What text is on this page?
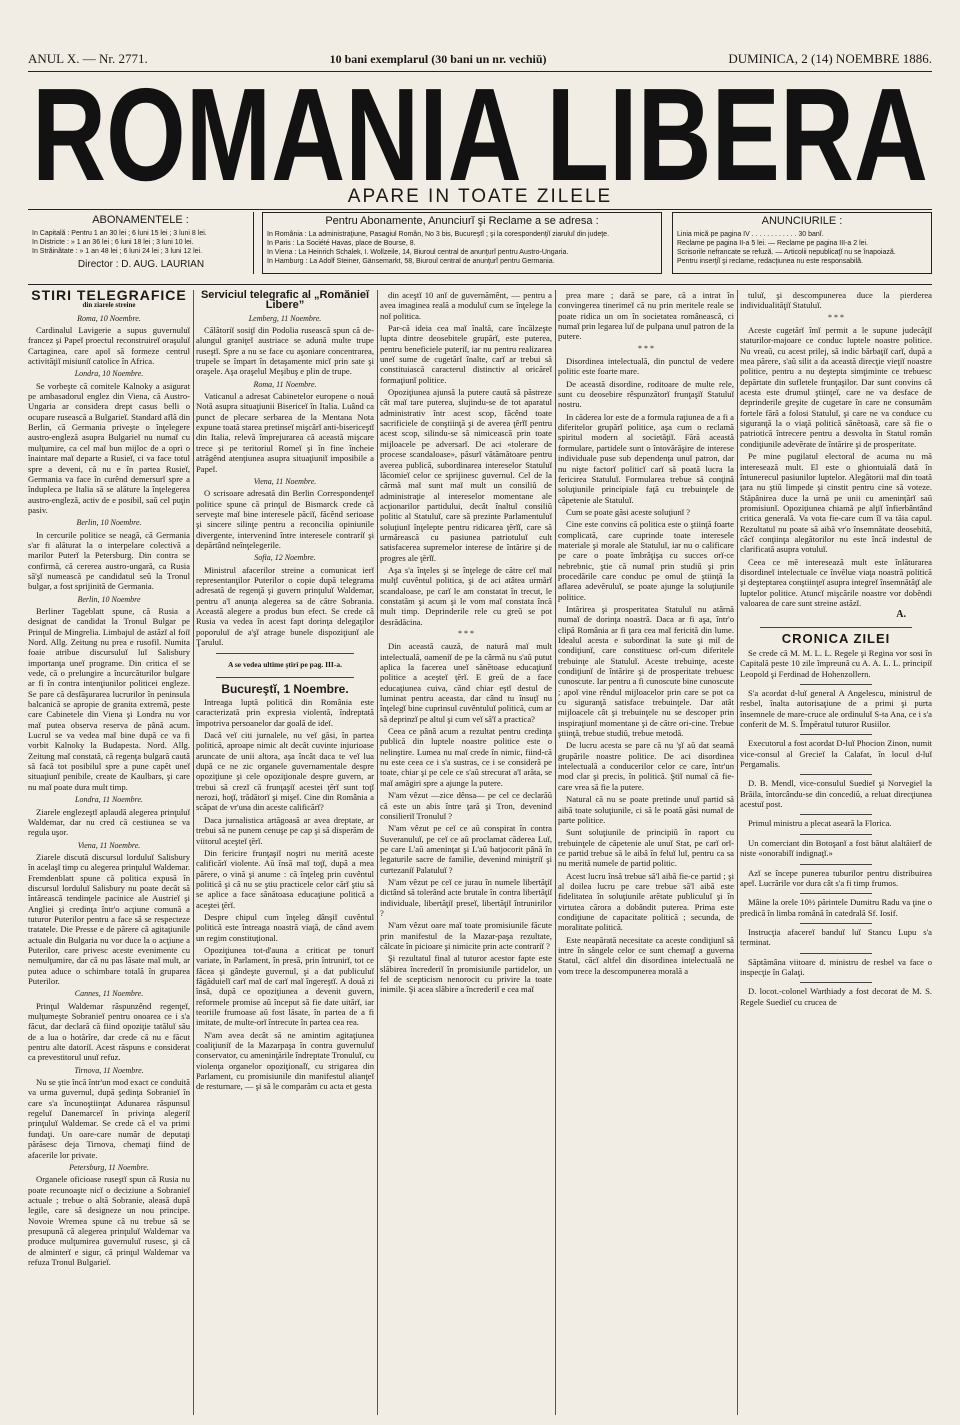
ANUL X. — Nr. 2771.	10 bani exemplarul (30 bani un nr. vechiŭ)	DUMINICA, 2 (14) NOEMBRE 1886.
ROMANIA LIBERA
APARE IN TOATE ZILELE
ABONAMENTELE :
In Capitală : Pentru 1 an 30 lei ; 6 luni 15 lei ; 3 luni 8 lei.
In Districte : » 1 an 36 lei ; 6 luni 18 lei ; 3 luni 10 lei.
In Străinătate : » 1 an 48 lei ; 6 luni 24 lei ; 3 luni 12 lei.
Director : D. AUG. LAURIAN
Pentru Abonamente, Anunciurĭ şi Reclame a se adresa :
In România : La administraţiune, Pasagiul Român, No 3 bis, Bucureştĭ ; şi la corespondenţiĭ ziaruluĭ din judeţe.
In Paris : La Société Havas, place de Bourse, 8.
In Viena : La Heinrich Schalek, I. Wollzeile, 14, Biuroul central de anunţurĭ pentru Austro-Ungaria.
In Hamburg : La Adolf Steiner, Gänsemarkt, 58, Biuroul central de anunţurĭ pentru Germania.
ANUNCIURILE :
Linia mică pe pagina IV . . . . . . . . . . . . 30 banĭ.
Reclame pe pagina II-a 5 lei. — Reclame pe pagina III-a 2 lei.
Scrisorile nefrancate se refuză. — Articolii nepublicaţĭ nu se înapoiază.
Pentru inserţiĭ şi reclame, redacţiunea nu este responsabilă.
STIRI TELEGRAFICE
din ziarele streine
Roma, 10 Noembre.

Cardinalul Lavigerie a supus guvernuluĭ francez şi Papeĭ proectul reconstruireĭ oraşuluĭ Cartaginea, care apoĭ să formeze centrul activităţiĭ misiuniĭ catolice în Africa.

Londra, 10 Noembre.

Se vorbeşte că comitele Kalnoky a asigurat pe ambasadorul englez din Viena, că Austro-Ungaria ar considera drept casus belli o ocupare rusească a Bulgarieĭ. Standard află din Berlin, că Germania priveşte o înţelegere austro-engleză asupra Bulgarieĭ nu numaĭ cu mulţumire, ca cel maĭ bun mijloc de a opri o înaintare maĭ departe a Rusieĭ, ci va face totul spre a deveni, că nu e în partea Rusieĭ, Germania va face în curênd demersurĭ spre a îndupleca pe Italia să se alăture la înţelegerea austro-engleză, activ de e posibil, saŭ cel puţin pasiv.

Berlin, 10 Noembre.

In cercurile politice se neagă, că Germania s'ar fi alăturat la o interpelare colectivă a marilor Puterĭ la Petersburg. Din contra se confirmă, că cererea austro-ungară, ca Rusia să'şĭ numească pe candidatul seŭ la Tronul bulgar, a fost sprijinită de Germania.

Berlin, 10 Noembre

Berliner Tageblatt spune, că Rusia a designat de candidat la Tronul Bulgar pe Prinţul de Mingrelia. Limbajul de astăzĭ al foiĭ Nord. Allg. Zeitung nu prea e rusofil. Numita foaie atribue discursuluĭ luĭ Salisbury importanţa uneĭ programe. Din critica eĭ se vede, că o prelungire a încurcăturilor bulgare ar fi în contra intenţiunilor politicei engleze. Se pare că desfăşurarea lucrurilor în peninsula balcanică se apropie de granita extremă, peste care Cabinetele din Viena şi Londra nu vor maĭ putea observa reserva de până acum. Lucrul se va vedea maĭ bine după ce va fi vorbit Kalnoky la Budapesta. Nord. Allg. Zeitung maĭ constată, că regenţa bulgară caută să facă tot posibilul spre a pune capĕt uneĭ situaţiunĭ penibile, create de Kaulbars, şi care nu maĭ poate dura mult timp.

Londra, 11 Noembre.

Ziarele englezeştĭ aplaudă alegerea prinţuluĭ Waldemar, dar nu cred că cestiunea se va regula uşor.

Viena, 11 Noembre.

Ziarele discută discursul lorduluĭ Salisbury în acelaşĭ timp cu alegerea prinţuluĭ Waldemar. Fremdenblatt spune că politica expusă în discursul lorduluĭ Salisbury nu poate decât să întărească tendinţele pacinice ale Austrieĭ şi Angliei şi credinţa într'o acţiune comună a tuturor Puterilor pentru a face să se respecteze tratatele. Die Presse e de părere că agitaţiunile actuale din Bulgaria nu vor duce la o acţiune a Puterilor, care privesc aceste evenimente cu nemulţumire, dar că nu pas lăsate maĭ mult, ar putea aduce o schimbare totală în gruparea Puterilor.

Cannes, 11 Noembre.

Prinţul Waldemar răspunzênd regenţeĭ, mulţumeşte Sobranieĭ pentru onoarea ce i s'a făcut, dar declară că fiind opoziţie tatăluĭ său de a lua o hotărîre, dar crede că nu e făcut pentru alte datoriĭ. Acest răspuns e considerat ca prevestitorul unuĭ refuz.

Tirnova, 11 Noembre.

Nu se ştie încă într'un mod exact ce conduită va urma guvernul, după şedinţa Sobranieĭ în care s'a încunoştiinţat Adunarea răspunsul regeluĭ Danemarceĭ în privinţa alegeriĭ prinţuluĭ Waldemar. Se crede că el va primi fundaţi. Un oare-care număr de deputaţi părăsesc deja Tirnova, chemaţi fiind de afacerile lor private.

Petersburg, 11 Noembre.

Organele oficioase ruseştĭ spun că Rusia nu poate recunoaşte nicĭ o deciziune a Sobranieĭ actuale ; trebue o altă Sobranie, aleasă după legile, care să designeze un nou principe. Novoie Wremea spune că nu trebue să se presupună că alegerea prinţuluĭ Waldemar va produce mulţumirea guvernuluĭ rusesc, şi că de alminterĭ e sigur, că prinţul Waldemar va refuza Tronul Bulgarieĭ.

Serviciul telegrafic al „Romănieĭ Libere”
Lemberg, 11 Noembre.

Călătoriĭ sosiţĭ din Podolia rusească spun că de-alungul graniţeĭ austriace se adună multe trupe ruseştĭ. Spre a nu se face cu aşoniare concentrarea, trupele se împart în detaşamente micĭ prin sate şi oraşele. Aşa oraşelul Meşibuş e plin de trupe.

Roma, 11 Noembre.

Vaticanul a adresat Cabinetelor europene o nouă Notă asupra situaţiunii Bisericeĭ în Italia. Luând ca punct de plecare serbarea de la Mentana Nota expune toată starea pretinseĭ mişcărĭ anti-bisericeştĭ din Italia, relevă împrejurarea că această mişcare trece şi pe teritoriul Romeĭ şi în fine încheie atrăgênd atenţiunea asupra situaţiuniĭ imposibile a Papeĭ.

Viena, 11 Noembre.

O scrisoare adresată din Berlin Correspondenţeĭ politice spune că prinţul de Bismarck crede că serveşte maĭ bine interesele păciĭ, făcênd serioase şi sincere silinţe pentru a reconcilia opiniunile divergente, intervenind între interesele contrariĭ şi depărtând neînţelegerile.

Sofia, 12 Noembre.

Ministrul afacerilor streine a comunicat ierĭ representanţilor Puterilor o copie după telegrama adresată de regenţă şi guvern prinţuluĭ Waldemar, pentru a'ĭ anunţa alegerea sa de către Sobrania. Această alegere a produs bun efect. Se crede că Rusia va vedea în acest fapt dorinţa delegaţilor poporuluĭ de a'şĭ atrage bunele dispoziţiunĭ ale Ţaruluĭ.

A se vedea ultime ştirĭ pe pag. III-a.
Bucureştĭ, 1 Noembre.

Intreaga luptă politică din România este caracterizată prin expresia violentă, îndreptată împotriva persoanelor dar goală de ideĭ.

Dacă veĭ citi jurnalele, nu veĭ găsi, în partea politică, aproape nimic alt decât cuvinte injurioase aruncate de unii altora, aşa încât daca te veĭ lua după ce ne zic organele guvernamentale despre opoziţiune şi cele opoziţionale despre guvern, ar trebui să crezĭ că frunţaşiĭ acestei ţĕrĭ sunt toţĭ nerozi, hoţĭ, trădătorĭ şi mişeĭ. Cine din România a scăpat de vr'una din aceste calificărĭ?

Daca jurnalistica artăgoasă ar avea dreptate, ar trebui să ne punem cenuşe pe cap şi să disperăm de viitorul aceşteĭ ţĕrĭ.

Din fericire frunţaşiĭ noştri nu merită aceste calificărĭ violente. Aŭ însă maĭ toţĭ, după a mea părere, o vină şi anume : că înţeleg prin cuvêntul politică şi că nu se ştiu practicele celor cărĭ ştiu să se aplice a face sănătoasa educaţiune politică a aceştei ţĕrĭ.

Despre chipul cum înţeleg dânşiĭ cuvêntul politică este întreaga noastră viaţă, de când avem un regim constituţional.

Opoziţiunea tot-d'auna a criticat pe tonurĭ variate, în Parlament, în presă, prin întrunirĭ, tot ce făcea şi gândeşte guvernul, şi a dat publiculuĭ făgăduielĭ carĭ maĭ de carĭ maĭ îngereştĭ. A două zi însă, după ce opoziţiunea a devenit guvern, reformele promise aŭ început să fie date uitărĭ, iar teoriile frumoase aŭ fost lăsate, în partea de a fi imitate, de multe-orĭ întrecute în partea cea rea.

N'am avea decât să ne amintim agitaţiunea coaliţiuniĭ de la Mazarpaşa în contra guvernuluĭ conservator, cu ameninţările îndreptate Tronuluĭ, cu violenţa organelor opoziţionalĭ, cu strigarea din Parlament, cu promisiunile din manifestul alianţeĭ de resturnare, — şi să le comparăm cu acta et gesta

din aceştĭ 10 anĭ de guvernămênt, — pentru a avea imaginea reală a moduluĭ cum se înţelege la noĭ politica.

Par-că ideia cea maĭ înaltă, care încălzeşte lupta dintre deosebitele grupărĭ, este puterea, pentru beneficiele puteriĭ, iar nu pentru realizarea uneĭ sume de cugetărĭ înalte, carĭ ar trebui să constituiască caracterul distinctiv al oricăreĭ formaţiunĭ politice.

Opoziţiunea ajunsă la putere caută să păstreze cât maĭ tare puterea, slujindu-se de tot aparatul administrativ într acest scop, făcênd toate sacrificiele de conştiinţă şi de averea ţĕrĭĭ pentru acest scop, silindu-se să nimicească prin toate mijloacele pe adversarĭ. De aci «tolerare de procese scandaloase», păsurĭ vătămătoare pentru averea publică, subordinarea intereselor Statuluĭ lăcomieĭ celor ce sprijinesc guvernul. Cel de la cârmă maĭ sunt maĭ mult un consiliŭ de administraţie al intereselor momentane ale acţionarilor partidului, decât înaltul consiliŭ politic al Statuluĭ, care să prezinte Parlamentuluĭ soluţiunĭ înţelepte pentru ridicarea ţĕrĭĭ, care să urmărească cu pasiunea patriotuluĭ cult satisfacerea supremelor interese de întărire şi de progres ale ţĕrĭĭ.

Aşa s'a înţeles şi se înţelege de către ceĭ maĭ mulţĭ cuvêntul politica, şi de aci atâtea urmărĭ scandaloase, pe carĭ le am constatat în trecut, le constatăm şi acum şi le vom maĭ constata încă mult timp. Deprinderile rele cu greŭ se pot desrădăcina.

* * *

Din această cauză, de natură maĭ mult intelectuală, oameniĭ de pe la cârmă nu s'aŭ putut aplica la facerea uneĭ sănĕtoase educaţiunĭ politice a aceşteĭ ţĕrĭ. E greŭ de a face educaţiunea cuiva, cănd chiar eştĭ destul de luminat pentru aceasta, dar când tu însuţĭ nu înţelegĭ bine cuprinsul cuvêntuluĭ politică, cum ar să deprinzĭ pe altul şi cum veĭ să'ĭ a practica?

Ceea ce pânâ acum a rezultat pentru credinţa publică din luptele noastre politice este o nelinştire. Lumea nu maĭ crede în nimic, fiind-că nu este ceea ce i s'a sustras, ce i se consideră pe toate, chiar şi pe cele ce s'aŭ strecurat a'ĭ arăta, se maĭ amăgiri spre a ajunge la putere.

N'am vêzut —zice dênsa— pe cel ce declarăŭ că este un abis între ţară şi Tron, devenind consilieriĭ Tronuluĭ ?

N'am vêzut pe ceĭ ce aŭ conspirat în contra Suveranuluĭ, pe ceĭ ce aŭ proclamat căderea Luĭ, pe care L'aŭ ameninţat şi L'aŭ batjocorit până în legaturile sacre de familie, devenind miniştriĭ şi curtezaniĭ Palatuluĭ ?

N'am vêzut pe ceĭ ce jurau în numele libertăţiĭ dictând să tolerând acte brutale în contra libertăţiĭ individuale, libertăţiĭ preseĭ, libertăţiĭ întrunirilor ?

N'am vêzut oare maĭ toate promisiunile făcute prin manifestul de la Mazar-paşa rezultate, călcate în picioare şi nimicite prin acte contrariĭ ?

Şi rezultatul final al tuturor acestor fapte este slăbirea încrederiĭ în promisiunile partidelor, un fel de scepticism nenorocit cu privire la toate inimile. Şi acea slăbire a încrederiĭ e cea maĭ

prea mare ; dară se pare, că a intrat în convingerea tinerimeĭ că nu prin meritele reale se poate ridica un om în societatea românească, ci numaĭ prin legarea luĭ de pulpana unuĭ patron de la putere.

* * *

Disordinea intelectuală, din punctul de vedere politic este foarte mare.

De această disordine, roditoare de multe rele, sunt cu deosebire rêspunzătorĭ frunţaşiĭ Statuluĭ nostru.

In căderea lor este de a formula raţiunea de a fi a diferitelor grupărĭ politice, aşa cum o reclamă spiritul modern al societăţiĭ. Fără această formulare, partidele sunt o întovărăşire de interese individuale puse sub dependenţa unuĭ patron, dar nu nişte factorĭ politicĭ carĭ să poată lucra la fericirea Statuluĭ. Formularea trebue să conţină soluţiunile principiale faţă cu trebuinţele de căpetenie ale Statuluĭ.

Cum se poate găsi aceste soluţiunĭ ?

Cine este convins că politica este o ştiinţă foarte complicată, care cuprinde toate interesele materiale şi morale ale Statuluĭ, iar nu o calificare pe care o poate îmbrăţişa cu succes orĭ-ce nebrebnic, ştie că numaĭ prin studiŭ şi prin procedările care conduc pe omul de ştiinţă la aflarea adevĕruluĭ, se poate ajunge la soluţiunile politice.

Intărirea şi prosperitatea Statuluĭ nu atârnă numaĭ de dorinţa noastră. Daca ar fi aşa, într'o clipă România ar fi ţara cea maĭ fericită din lume. Idealul acesta e subordinat la sute şi miĭ de condiţiunĭ, care constituesc orĭ-cum diferitele trebuinţe ale Statuluĭ. Aceste trebuinţe, aceste condiţiunĭ de întărire şi de prosperitate trebuesc cunoscute. Iar pentru a fi cunoscute bine cunoscute ; apoĭ vine rêndul mijloacelor prin care se pot ca cu siguranţă satisface trebuinţele. Dar atât mijloacele cât şi trebuinţele nu se descoper prin inspiraţiunĭ momentane şi de către ori-cine. Trebue ştiinţă, trebue studiŭ, trebue metodă.

De lucru acesta se pare că nu 'şĭ aŭ dat seamă grupările noastre politice. De aci disordinea intelectuală a conducerilor celor ce care, într'un mod clar şi precis, în politică. Ştiĭ numaĭ că fie-care vrea să fie la putere.

Natural că nu se poate pretinde unuĭ partid să aibă toate soluţiunile, ci să le poată găsi numaĭ de parte politice.

Sunt soluţiunile de principiŭ în raport cu trebuinţele de căpetenie ale unuĭ Stat, pe carĭ orĭ-ce partid trebue să le aibă în feluĭ luĭ, pentru ca sa nu merită numele de partid politic.

Acest lucru însă trebue să'l aibă fie-ce partid ; şi al doilea lucru pe care trebue să'l aibă este fidelitatea în soluţiunile arĕtate publiculuĭ şi în virtutea cărora a dobândit puterea. Prima este condiţiune de capacitate politică ; secunda, de moralitate politică.

Este neapărată necesitate ca aceste condiţiunĭ să intre în sângele celor ce sunt chemaţĭ a guverna Statul, căcĭ altfel din disordinea intelectuală ne vom trece la descompunerea morală a

tuluĭ, şi descompunerea duce la pierderea individualităţiĭ Statuluĭ.

* * *

Aceste cugetărĭ îmĭ permit a le supune judecăţiĭ staturilor-majoare ce conduc luptele noastre politice. Nu vreaŭ, cu acest prilej, să indic bărbaţiĭ carĭ, după a mea părere, s'aŭ silit a da această direcţie vieţiĭ noastre politice, pentru a nu deştepta simţiminte ce trebuesc depărtate din sufletele frunţaşilor. Dar sunt convins că acesta este drumul ştiinţeĭ, care ne va desface de deprinderile greşite de cugetare în care ne consumăm fortele fără a folosi Statuluĭ, şi care ne va conduce cu siguranţă la o viaţă politică sănĕtoasă, care să fie o patriotică întrecere pentru a desvolta în Statul român condiţiunile adevĕrate de întărire şi de prosperitate.

Pe mine pugilatul electoral de acuma nu mă interesează mult. El este o ghiontuială dată în întunerecul pasiunilor luptelor. Alegătorii maĭ din toată ţara nu ştiŭ limpede şi cinstit pentru cine să voteze. Stăpânirea duce la urnă pe unii cu ameninţărĭ saŭ promisiunĭ. Opoziţiunea chiamă pe alţiĭ înfierbântând critica generală. Va vota fie-care cum îĭ va tăia capul. Rezultatul nu poate să aibă vr'o însemnătate deosebită, căcĭ conţiinţa alegătorilor nu este încă indestul de clarificată asupra votuluĭ.

Ceea ce mĕ interesează mult este înlăturarea disordineĭ intelectuale ce învĕlue viaţa noastră politică şi deşteptarea conştiinţeĭ asupra integreĭ însemnătăţĭ ale luptelor politice. Atuncĭ mişcările noastre vor dobêndi valoarea de care sunt streine astăzĭ.

A.
CRONICA ZILEI

Se crede că M. M. L. L. Regele şi Regina vor sosi în Capitală peste 10 zile împreună cu A. A. L. L. principiĭ Leopold şi Ferdinad de Hohenzollern.

S'a acordat d-luĭ general A Angelescu, ministrul de resbel, înalta autorisaţiune de a primi şi purta însemnele de mare-cruce ale ordinuluĭ S-ta Ana, ce i s'a conferit de M. S. Împĕratul tuturor Rusiilor.

Executorul a fost acordat D-luĭ Phocion Zinon, numit vice-consul al Grecieĭ la Calafat, în locul d-luĭ Pergamalis.

D. B. Mendl, vice-consulul Suedieĭ şi Norvegieĭ la Brăila, întorcându-se din concediŭ, a reluat direcţiunea acestuĭ post.

Primul ministru a plecat aseară la Florica.

Un comerciant din Botoşanĭ a fost bătut alaltăierĭ de niste «onorabilĭ indignaţĭ.»

Azĭ se începe punerea tuburilor pentru distribuirea apeĭ. Lucrările vor dura cât s'a fi timp frumos.

Mâine la orele 10½ părintele Dumitru Radu va ţine o predică în limba română în catedrală Sf. Iosif.

Instrucţia afacereĭ banduĭ luĭ Stancu Lupu s'a terminat.

Săptămâna viitoare d. ministru de resbel va face o inspecţie în Galaţi.

D. locot.-colonel Warthiady a fost decorat de M. S. Regele Suedieĭ cu crucea de
